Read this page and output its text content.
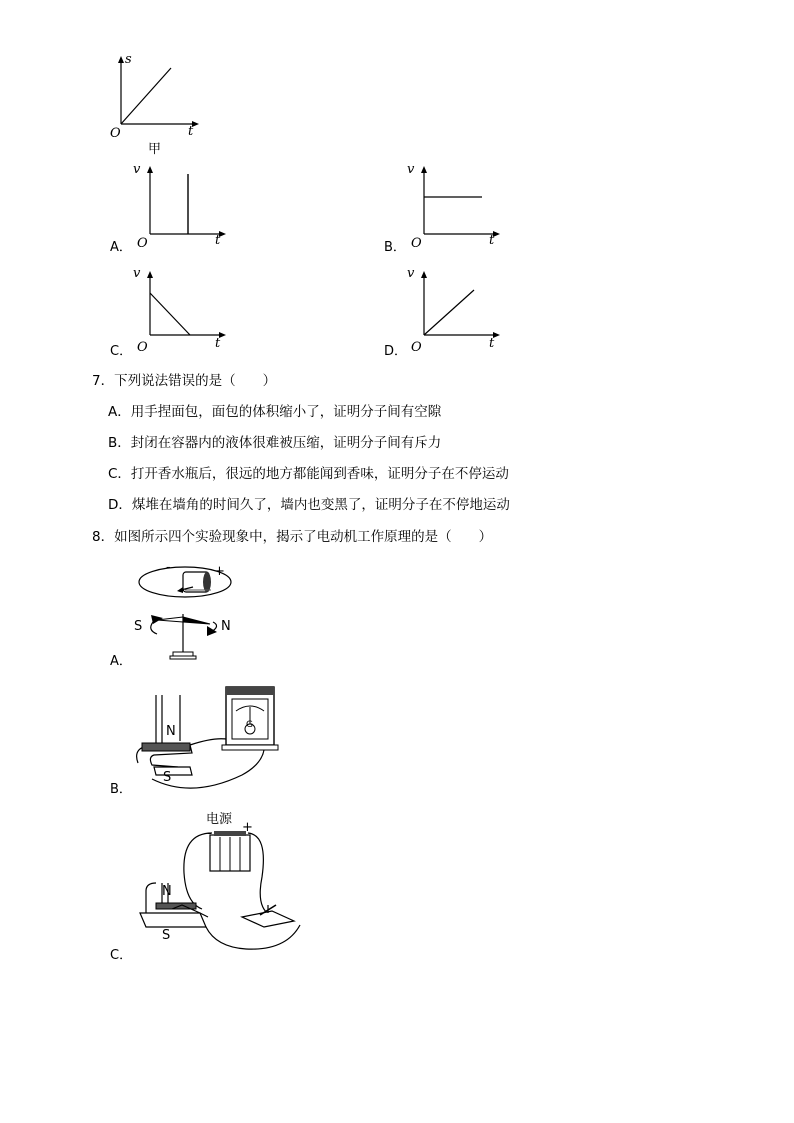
s
t
O
甲
v
t
O
A．
v
t
O
B．
v
t
O
C．
v
t
O
D．
7．下列说法错误的是（　　）
A．用手捏面包，面包的体积缩小了，证明分子间有空隙
B．封闭在容器内的液体很难被压缩，证明分子间有斥力
C．打开香水瓶后，很远的地方都能闻到香味，证明分子在不停运动
D．煤堆在墙角的时间久了，墙内也变黑了，证明分子在不停地运动
8．如图所示四个实验现象中，揭示了电动机工作原理的是（　　）
-	+
S	N
A．
N
S
G
B．
电源
- +
N
S
C．
